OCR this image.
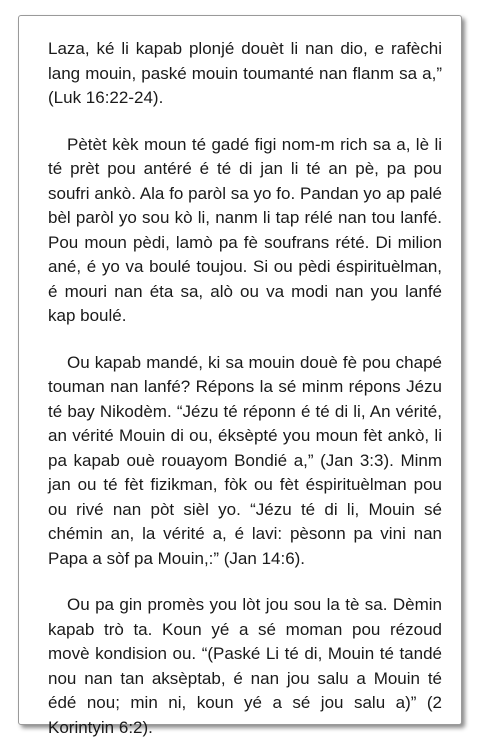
Laza, ké li kapab plonjé douèt li nan dio, e rafèchi lang mouin, paské mouin toumanté nan flanm sa a,” (Luk 16:22-24).

Pètèt kèk moun té gadé figi nom-m rich sa a, lè li té prèt pou antéré é té di jan li té an pè, pa pou soufri ankò. Ala fo paròl sa yo fo. Pandan yo ap palé bèl paròl yo sou kò li, nanm li tap rélé nan tou lanfé. Pou moun pèdi, lamò pa fè soufrans rété. Di milion ané, é yo va boulé toujou. Si ou pèdi éspirituèlman, é mouri nan éta sa, alò ou va modi nan you lanfé kap boulé.

Ou kapab mandé, ki sa mouin douè fè pou chapé touman nan lanfé? Répons la sé minm répons Jézu té bay Nikodèm. “Jézu té réponn é té di li, An vérité, an vérité Mouin di ou, éksèpté you moun fèt ankò, li pa kapab ouè rouayom Bondié a,” (Jan 3:3). Minm jan ou té fèt fizikman, fòk ou fèt éspirituèlman pou ou rivé nan pòt sièl yo. “Jézu té di li, Mouin sé chémin an, la vérité a, é lavi: pèsonn pa vini nan Papa a sòf pa Mouin,:” (Jan 14:6).

Ou pa gin promès you lòt jou sou la tè sa. Dèmin kapab trò ta. Koun yé a sé moman pou rézoud movè kondision ou. “(Paské Li té di, Mouin té tandé nou nan tan aksèptab, é nan jou salu a Mouin té édé nou; min ni, koun yé a sé jou salu a)” (2 Korintyin 6:2).
